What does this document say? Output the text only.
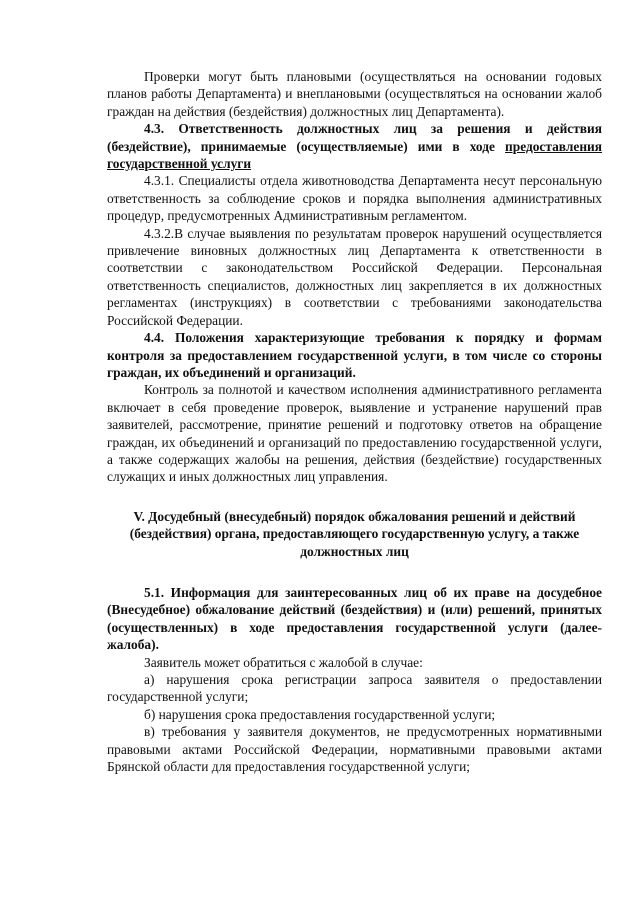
Проверки могут быть плановыми (осуществляться на основании годовых планов работы Департамента) и внеплановыми (осуществляться на основании жалоб граждан на действия (бездействия) должностных лиц Департамента).

4.3. Ответственность должностных лиц за решения и действия (бездействие), принимаемые (осуществляемые) ими в ходе предоставления государственной услуги

4.3.1. Специалисты отдела животноводства Департамента несут персональную ответственность за соблюдение сроков и порядка выполнения административных процедур, предусмотренных Административным регламентом.

4.3.2.В случае выявления по результатам проверок нарушений осуществляется привлечение виновных должностных лиц Департамента к ответственности в соответствии с законодательством Российской Федерации. Персональная ответственность специалистов, должностных лиц закрепляется в их должностных регламентах (инструкциях) в соответствии с требованиями законодательства Российской Федерации.

4.4. Положения характеризующие требования к порядку и формам контроля за предоставлением государственной услуги, в том числе со стороны граждан, их объединений и организаций.

Контроль за полнотой и качеством исполнения административного регламента включает в себя проведение проверок, выявление и устранение нарушений прав заявителей, рассмотрение, принятие решений и подготовку ответов на обращение граждан, их объединений и организаций по предоставлению государственной услуги, а также содержащих жалобы на решения, действия (бездействие) государственных служащих и иных должностных лиц управления.

V. Досудебный (внесудебный) порядок обжалования решений и действий (бездействия) органа, предоставляющего государственную услугу, а также должностных лиц

5.1. Информация для заинтересованных лиц об их праве на досудебное (Внесудебное) обжалование действий (бездействия) и (или) решений, принятых (осуществленных) в ходе предоставления государственной услуги (далее- жалоба).

Заявитель может обратиться с жалобой в случае:

а) нарушения срока регистрации запроса заявителя о предоставлении государственной услуги;

б) нарушения срока предоставления государственной услуги;

в) требования у заявителя документов, не предусмотренных нормативными правовыми актами Российской Федерации, нормативными правовыми актами Брянской области для предоставления государственной услуги;
